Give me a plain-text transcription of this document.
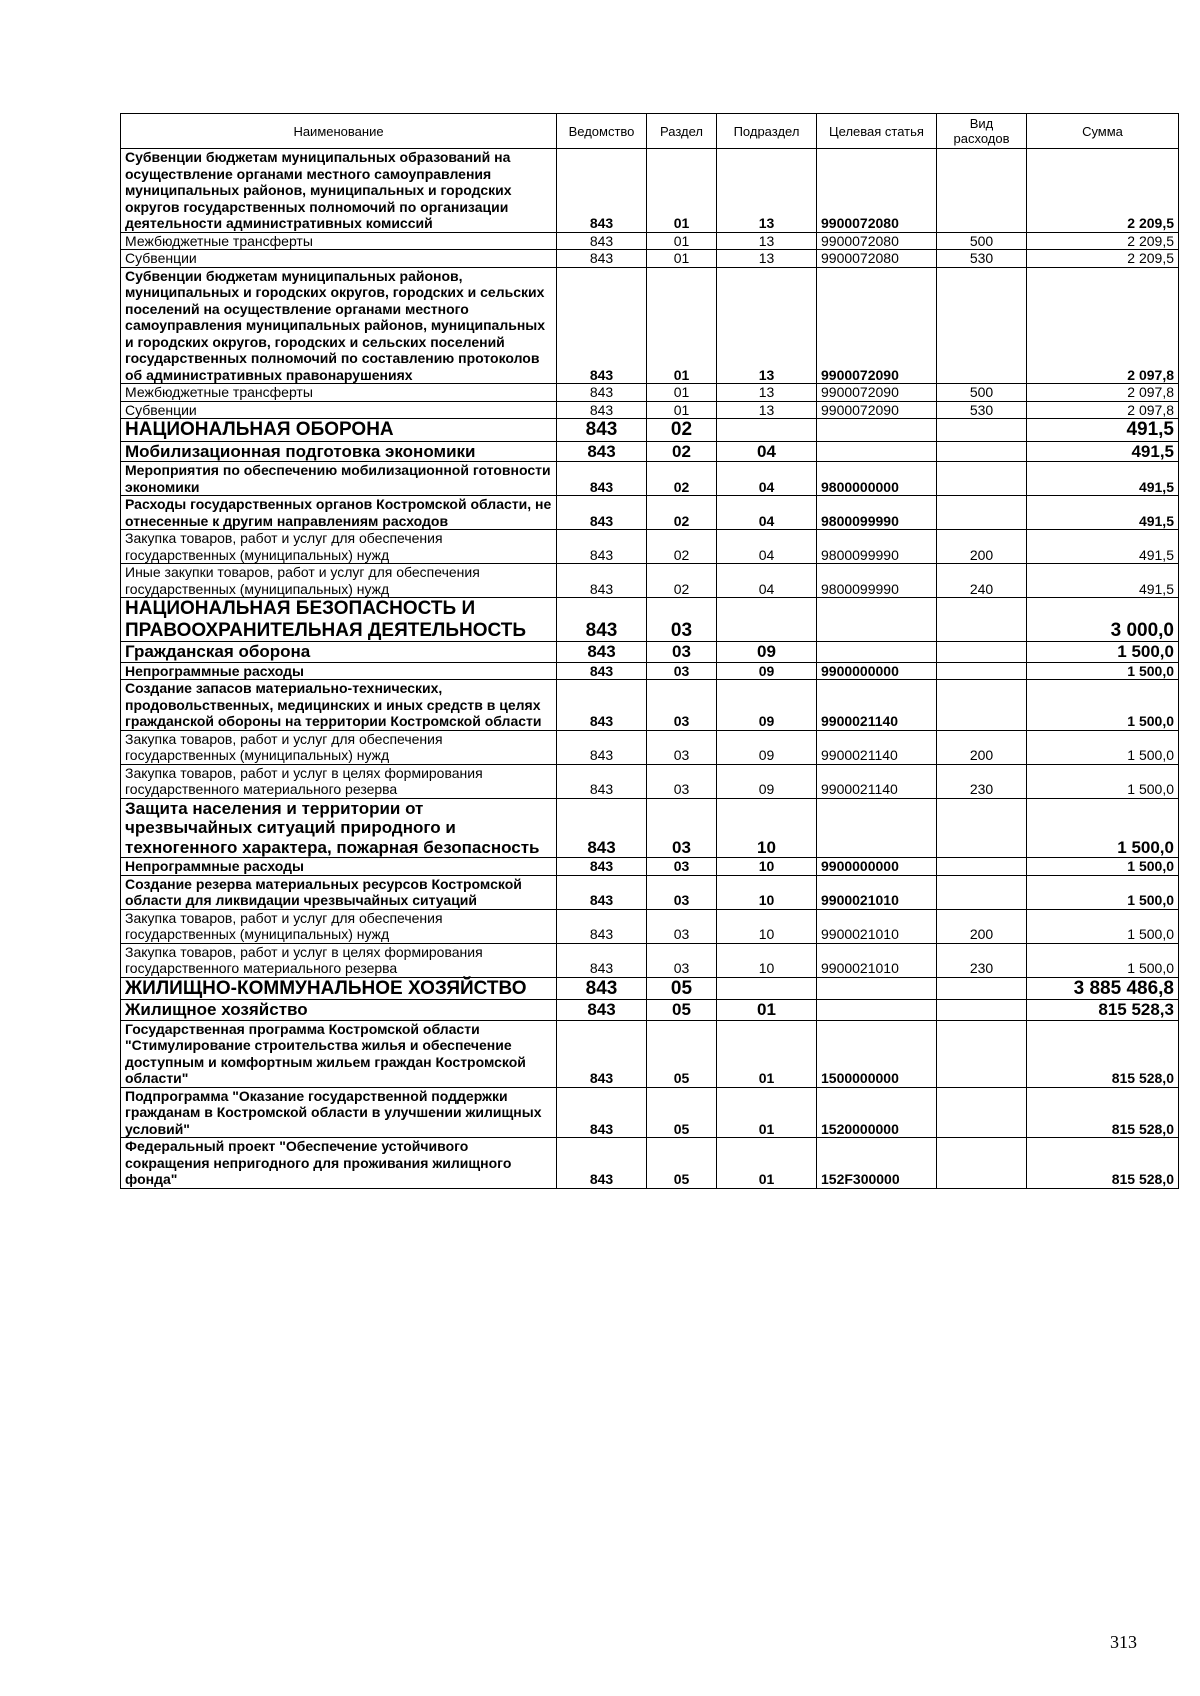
Наименование	Ведомство	Раздел	Подраздел	Целевая статья	Вид расходов	Сумма
Субвенции бюджетам муниципальных образований на осуществление органами местного самоуправления муниципальных районов, муниципальных и городских округов государственных полномочий по организации деятельности административных комиссий	843	01	13	9900072080		2 209,5
Межбюджетные трансферты	843	01	13	9900072080	500	2 209,5
Субвенции	843	01	13	9900072080	530	2 209,5
Субвенции бюджетам муниципальных районов, муниципальных и городских округов, городских и сельских поселений на осуществление органами местного самоуправления муниципальных районов, муниципальных и городских округов, городских и сельских поселений государственных полномочий по составлению протоколов об административных правонарушениях	843	01	13	9900072090		2 097,8
Межбюджетные трансферты	843	01	13	9900072090	500	2 097,8
Субвенции	843	01	13	9900072090	530	2 097,8
НАЦИОНАЛЬНАЯ ОБОРОНА	843	02				491,5
Мобилизационная подготовка экономики	843	02	04			491,5
Мероприятия по обеспечению мобилизационной готовности экономики	843	02	04	9800000000		491,5
Расходы государственных органов Костромской области, не отнесенные к другим направлениям расходов	843	02	04	9800099990		491,5
Закупка товаров, работ и услуг для обеспечения государственных (муниципальных) нужд	843	02	04	9800099990	200	491,5
Иные закупки товаров, работ и услуг для обеспечения государственных (муниципальных) нужд	843	02	04	9800099990	240	491,5
НАЦИОНАЛЬНАЯ БЕЗОПАСНОСТЬ И ПРАВООХРАНИТЕЛЬНАЯ ДЕЯТЕЛЬНОСТЬ	843	03				3 000,0
Гражданская оборона	843	03	09			1 500,0
Непрограммные расходы	843	03	09	9900000000		1 500,0
Создание запасов материально-технических, продовольственных, медицинских и иных средств в целях гражданской обороны на территории Костромской области	843	03	09	9900021140		1 500,0
Закупка товаров, работ и услуг для обеспечения государственных (муниципальных) нужд	843	03	09	9900021140	200	1 500,0
Закупка товаров, работ и услуг в целях формирования государственного материального резерва	843	03	09	9900021140	230	1 500,0
Защита населения и территории от чрезвычайных ситуаций природного и техногенного характера, пожарная безопасность	843	03	10			1 500,0
Непрограммные расходы	843	03	10	9900000000		1 500,0
Создание резерва материальных ресурсов Костромской области для ликвидации чрезвычайных ситуаций	843	03	10	9900021010		1 500,0
Закупка товаров, работ и услуг для обеспечения государственных (муниципальных) нужд	843	03	10	9900021010	200	1 500,0
Закупка товаров, работ и услуг в целях формирования государственного материального резерва	843	03	10	9900021010	230	1 500,0
ЖИЛИЩНО-КОММУНАЛЬНОЕ ХОЗЯЙСТВО	843	05				3 885 486,8
Жилищное хозяйство	843	05	01			815 528,3
Государственная программа Костромской области "Стимулирование строительства жилья и обеспечение доступным и комфортным жильем граждан Костромской области"	843	05	01	1500000000		815 528,0
Подпрограмма "Оказание государственной поддержки гражданам в Костромской области в улучшении жилищных условий"	843	05	01	1520000000		815 528,0
Федеральный проект "Обеспечение устойчивого сокращения непригодного для проживания жилищного фонда"	843	05	01	152F300000		815 528,0
313
